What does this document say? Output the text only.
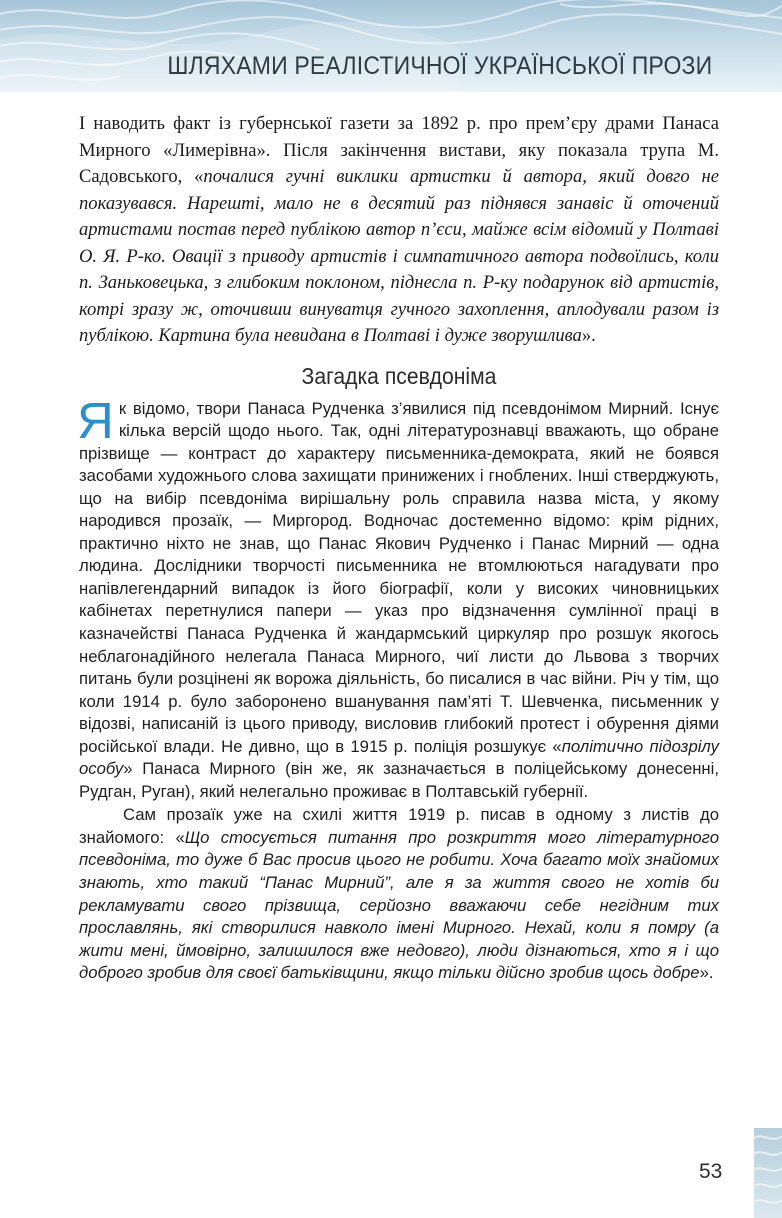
ШЛЯХАМИ РЕАЛІСТИЧНОЇ УКРАЇНСЬКОЇ ПРОЗИ

І наводить факт із губернської газети за 1892 р. про прем’єру драми Панаса Мирного «Лимерівна». Після закінчення вистави, яку показала трупа М. Садовського, «почалися гучні виклики артистки й автора, який довго не показувався. Нарешті, мало не в десятий раз піднявся занавіс й оточений артистами постав перед публікою автор п’єси, майже всім відомий у Полтаві О. Я. Р-ко. Овації з приводу артистів і симпатичного автора подвоїлись, коли п. Заньковецька, з глибоким поклоном, піднесла п. Р-ку подарунок від артистів, котрі зразу ж, оточивши винуватця гучного захоплення, аплодували разом із публікою. Картина була невидана в Полтаві і дуже зворушлива».

Загадка псевдоніма

Як відомо, твори Панаса Рудченка з’явилися під псевдонімом Мирний. Існує кілька версій щодо нього. Так, одні літературознавці вважають, що обране прізвище — контраст до характеру письменника-демократа, який не боявся засобами художнього слова захищати принижених і гноблених. Інші стверджують, що на вибір псевдоніма вирішальну роль справила назва міста, у якому народився прозаїк, — Миргород. Водночас достеменно відомо: крім рідних, практично ніхто не знав, що Панас Якович Рудченко і Панас Мирний — одна людина. Дослідники творчості письменника не втомлюються нагадувати про напівлегендарний випадок із його біографії, коли у високих чиновницьких кабінетах перетнулися папери — указ про відзначення сумлінної праці в казначействі Панаса Рудченка й жандармський циркуляр про розшук якогось неблагонадійного нелегала Панаса Мирного, чиї листи до Львова з творчих питань були розцінені як ворожа діяльність, бо писалися в час війни. Річ у тім, що коли 1914 р. було заборонено вшанування пам’яті Т. Шевченка, письменник у відозві, написаній із цього приводу, висловив глибокий протест і обурення діями російської влади. Не дивно, що в 1915 р. поліція розшукує «політично підозрілу особу» Панаса Мирного (він же, як зазначається в поліцейському донесенні, Рудган, Руган), який нелегально проживає в Полтавській губернії.

Сам прозаїк уже на схилі життя 1919 р. писав в одному з листів до знайомого: «Що стосується питання про розкриття мого літературного псевдоніма, то дуже б Вас просив цього не робити. Хоча багато моїх знайомих знають, хто такий “Панас Мирний”, але я за життя свого не хотів би рекламувати свого прізвища, серйозно вважаючи себе негідним тих прославлянь, які створилися навколо імені Мирного. Нехай, коли я помру (а жити мені, ймовірно, залишилося вже недовго), люди дізнаються, хто я і що доброго зробив для своєї батьківщини, якщо тільки дійсно зробив щось добре».

53
